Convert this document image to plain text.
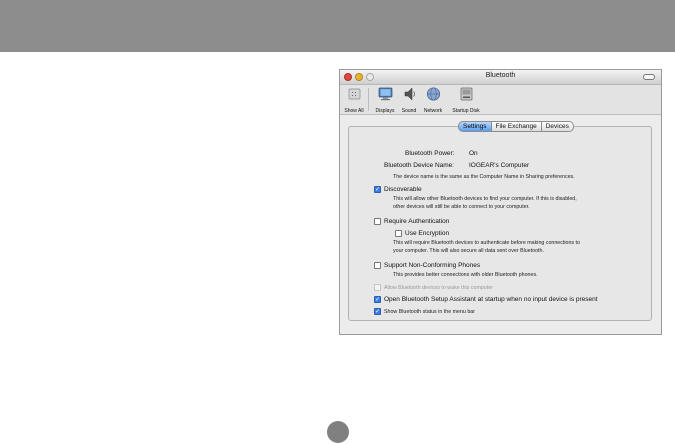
Bluetooth
Show All	Displays	Sound	Network	Startup Disk
Settings	File Exchange	Devices
Bluetooth Power: On
Bluetooth Device Name: IOGEAR's Computer
The device name is the same as the Computer Name in Sharing preferences.
✓ Discoverable
This will allow other Bluetooth devices to find your computer. If this is disabled,
other devices will still be able to connect to your computer.
Require Authentication
Use Encryption
This will require Bluetooth devices to authenticate before making connections to
your computer. This will also secure all data sent over Bluetooth.
Support Non-Conforming Phones
This provides better connections with older Bluetooth phones.
Allow Bluetooth devices to wake this computer
✓ Open Bluetooth Setup Assistant at startup when no input device is present
✓ Show Bluetooth status in the menu bar
